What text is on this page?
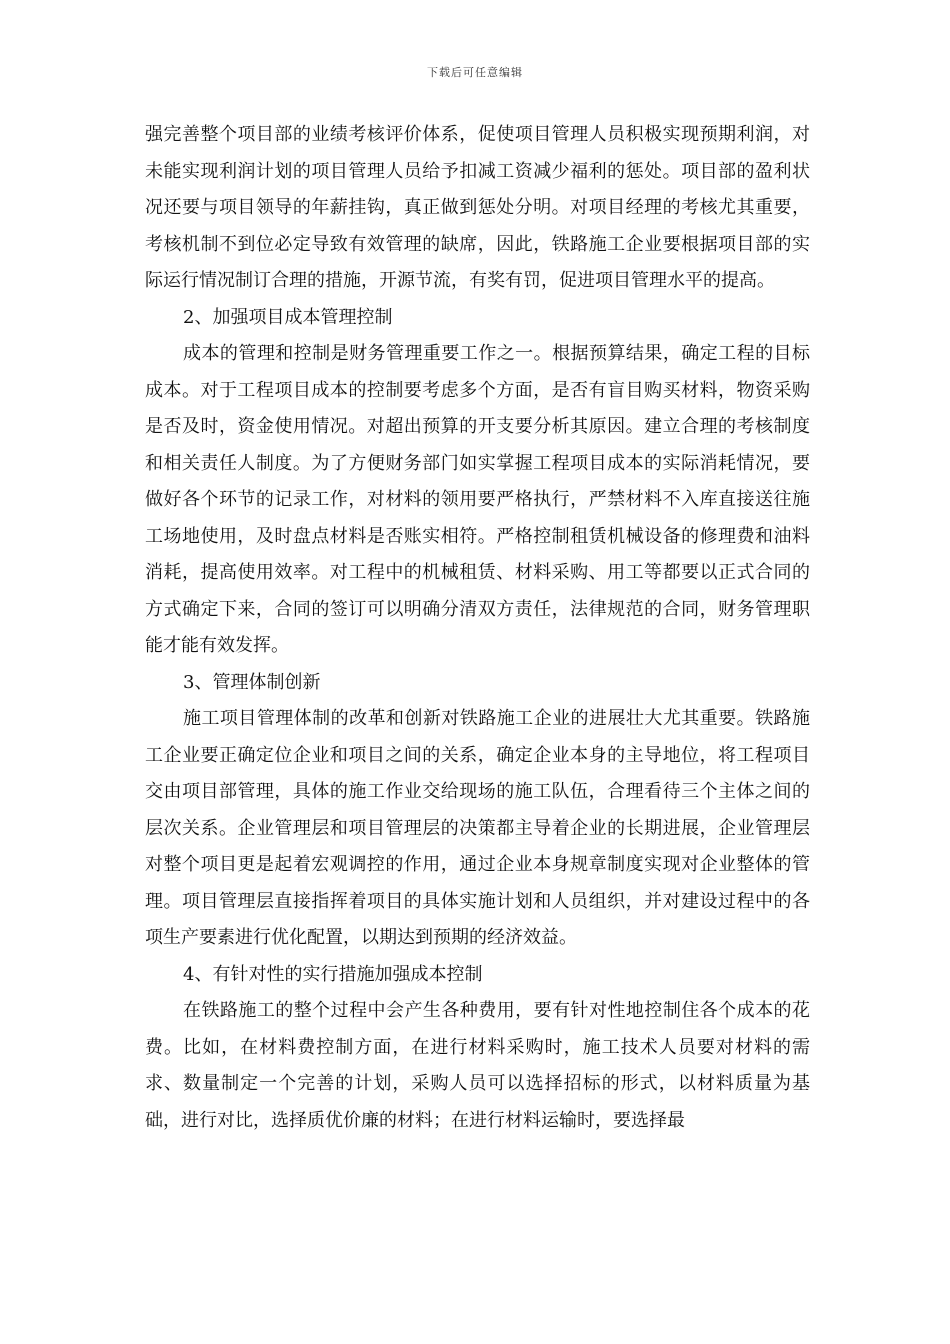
下载后可任意编辑

强完善整个项目部的业绩考核评价体系，促使项目管理人员积极实现预期利润，对未能实现利润计划的项目管理人员给予扣减工资减少福利的惩处。项目部的盈利状况还要与项目领导的年薪挂钩，真正做到惩处分明。对项目经理的考核尤其重要，考核机制不到位必定导致有效管理的缺席，因此，铁路施工企业要根据项目部的实际运行情况制订合理的措施，开源节流，有奖有罚，促进项目管理水平的提高。

2、加强项目成本管理控制

成本的管理和控制是财务管理重要工作之一。根据预算结果，确定工程的目标成本。对于工程项目成本的控制要考虑多个方面，是否有盲目购买材料，物资采购是否及时，资金使用情况。对超出预算的开支要分析其原因。建立合理的考核制度和相关责任人制度。为了方便财务部门如实掌握工程项目成本的实际消耗情况，要做好各个环节的记录工作，对材料的领用要严格执行，严禁材料不入库直接送往施工场地使用，及时盘点材料是否账实相符。严格控制租赁机械设备的修理费和油料消耗，提高使用效率。对工程中的机械租赁、材料采购、用工等都要以正式合同的方式确定下来，合同的签订可以明确分清双方责任，法律规范的合同，财务管理职能才能有效发挥。

3、管理体制创新

施工项目管理体制的改革和创新对铁路施工企业的进展壮大尤其重要。铁路施工企业要正确定位企业和项目之间的关系，确定企业本身的主导地位，将工程项目交由项目部管理，具体的施工作业交给现场的施工队伍，合理看待三个主体之间的层次关系。企业管理层和项目管理层的决策都主导着企业的长期进展，企业管理层对整个项目更是起着宏观调控的作用，通过企业本身规章制度实现对企业整体的管理。项目管理层直接指挥着项目的具体实施计划和人员组织，并对建设过程中的各项生产要素进行优化配置，以期达到预期的经济效益。

4、有针对性的实行措施加强成本控制

在铁路施工的整个过程中会产生各种费用，要有针对性地控制住各个成本的花费。比如，在材料费控制方面，在进行材料采购时，施工技术人员要对材料的需求、数量制定一个完善的计划，采购人员可以选择招标的形式，以材料质量为基础，进行对比，选择质优价廉的材料；在进行材料运输时，要选择最
